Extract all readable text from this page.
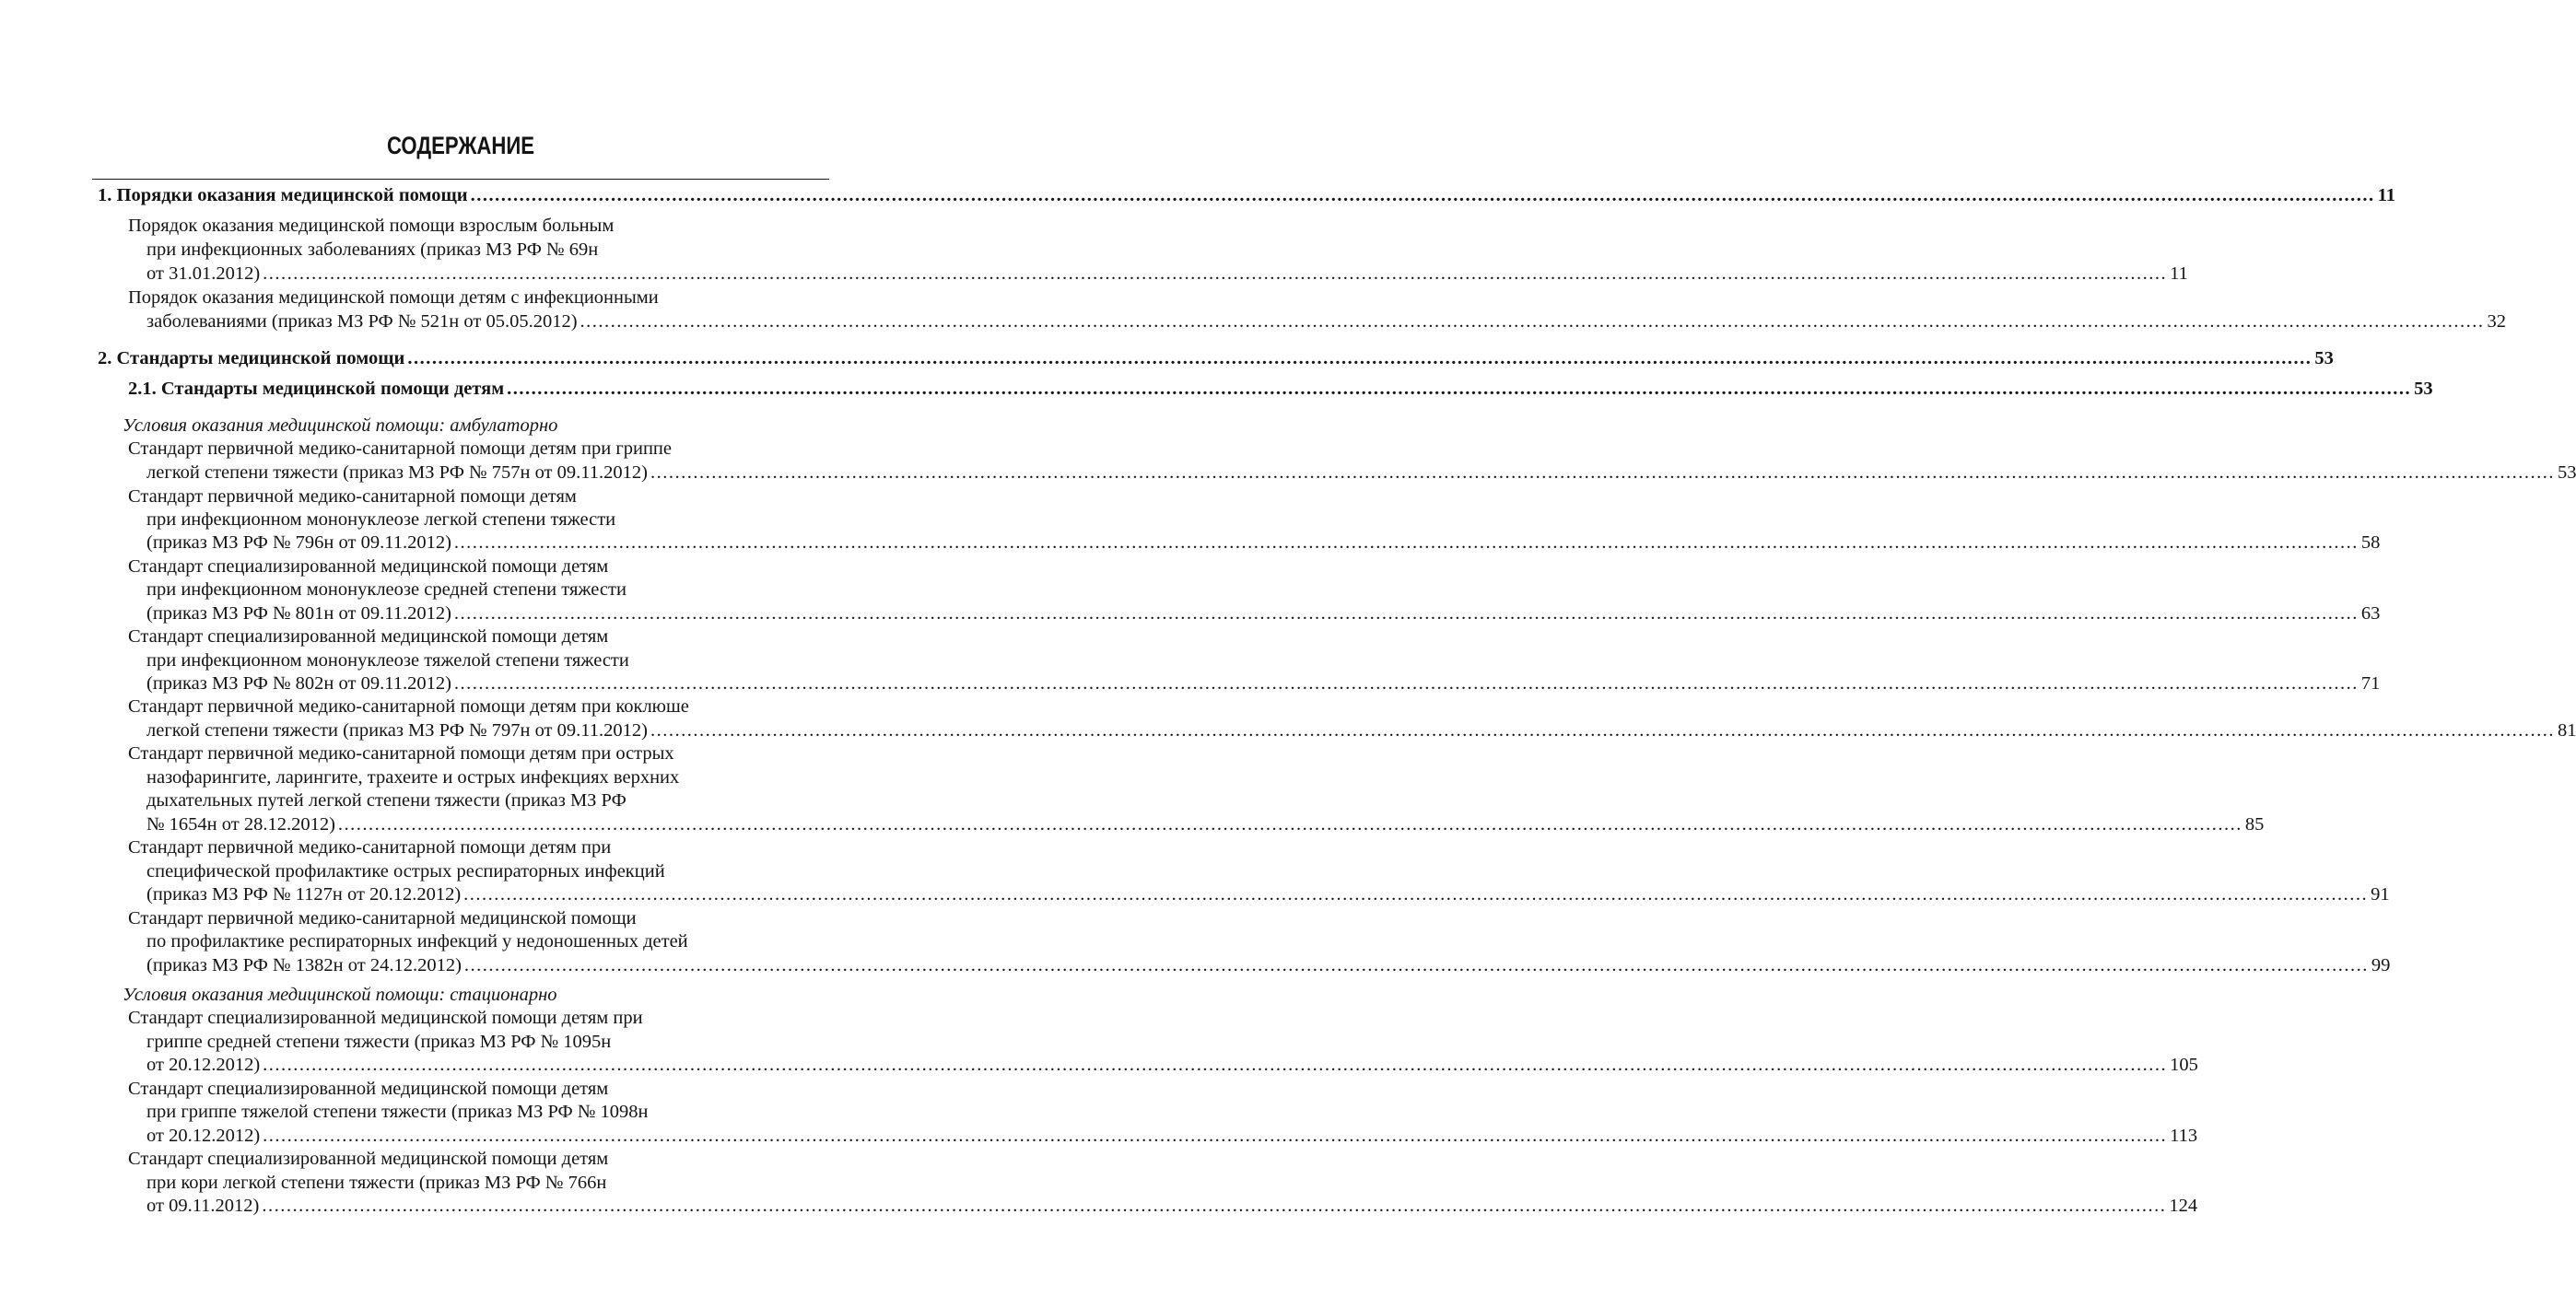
СОДЕРЖАНИЕ
1. Порядки оказания медицинской помощи ........................................................................................................................................................................................................................................................................................................................ 11
Порядок оказания медицинской помощи взрослым больным
при инфекционных заболеваниях (приказ МЗ РФ № 69н
от 31.01.2012) ........................................................................................................................................................................................................................................................................................................................ 11
Порядок оказания медицинской помощи детям с инфекционными
заболеваниями (приказ МЗ РФ № 521н от 05.05.2012) ........................................................................................................................................................................................................................................................................................................................ 32
2. Стандарты медицинской помощи ........................................................................................................................................................................................................................................................................................................................ 53
2.1. Стандарты медицинской помощи детям ........................................................................................................................................................................................................................................................................................................................ 53
Условия оказания медицинской помощи: амбулаторно
Стандарт первичной медико-санитарной помощи детям при гриппе
легкой степени тяжести (приказ МЗ РФ № 757н от 09.11.2012) ........................................................................................................................................................................................................................................................................................................................ 53
Стандарт первичной медико-санитарной помощи детям
при инфекционном мононуклеозе легкой степени тяжести
(приказ МЗ РФ № 796н от 09.11.2012) ........................................................................................................................................................................................................................................................................................................................ 58
Стандарт специализированной медицинской помощи детям
при инфекционном мононуклеозе средней степени тяжести
(приказ МЗ РФ № 801н от 09.11.2012) ........................................................................................................................................................................................................................................................................................................................ 63
Стандарт специализированной медицинской помощи детям
при инфекционном мононуклеозе тяжелой степени тяжести
(приказ МЗ РФ № 802н от 09.11.2012) ........................................................................................................................................................................................................................................................................................................................ 71
Стандарт первичной медико-санитарной помощи детям при коклюше
легкой степени тяжести (приказ МЗ РФ № 797н от 09.11.2012) ........................................................................................................................................................................................................................................................................................................................ 81
Стандарт первичной медико-санитарной помощи детям при острых
назофарингите, ларингите, трахеите и острых инфекциях верхних
дыхательных путей легкой степени тяжести (приказ МЗ РФ
№ 1654н от 28.12.2012) ........................................................................................................................................................................................................................................................................................................................ 85
Стандарт первичной медико-санитарной помощи детям при
специфической профилактике острых респираторных инфекций
(приказ МЗ РФ № 1127н от 20.12.2012) ........................................................................................................................................................................................................................................................................................................................ 91
Стандарт первичной медико-санитарной медицинской помощи
по профилактике респираторных инфекций у недоношенных детей
(приказ МЗ РФ № 1382н от 24.12.2012) ........................................................................................................................................................................................................................................................................................................................ 99
Условия оказания медицинской помощи: стационарно
Стандарт специализированной медицинской помощи детям при
гриппе средней степени тяжести (приказ МЗ РФ № 1095н
от 20.12.2012) ........................................................................................................................................................................................................................................................................................................................ 105
Стандарт специализированной медицинской помощи детям
при гриппе тяжелой степени тяжести (приказ МЗ РФ № 1098н
от 20.12.2012) ........................................................................................................................................................................................................................................................................................................................ 113
Стандарт специализированной медицинской помощи детям
при кори легкой степени тяжести (приказ МЗ РФ № 766н
от 09.11.2012) ........................................................................................................................................................................................................................................................................................................................ 124
